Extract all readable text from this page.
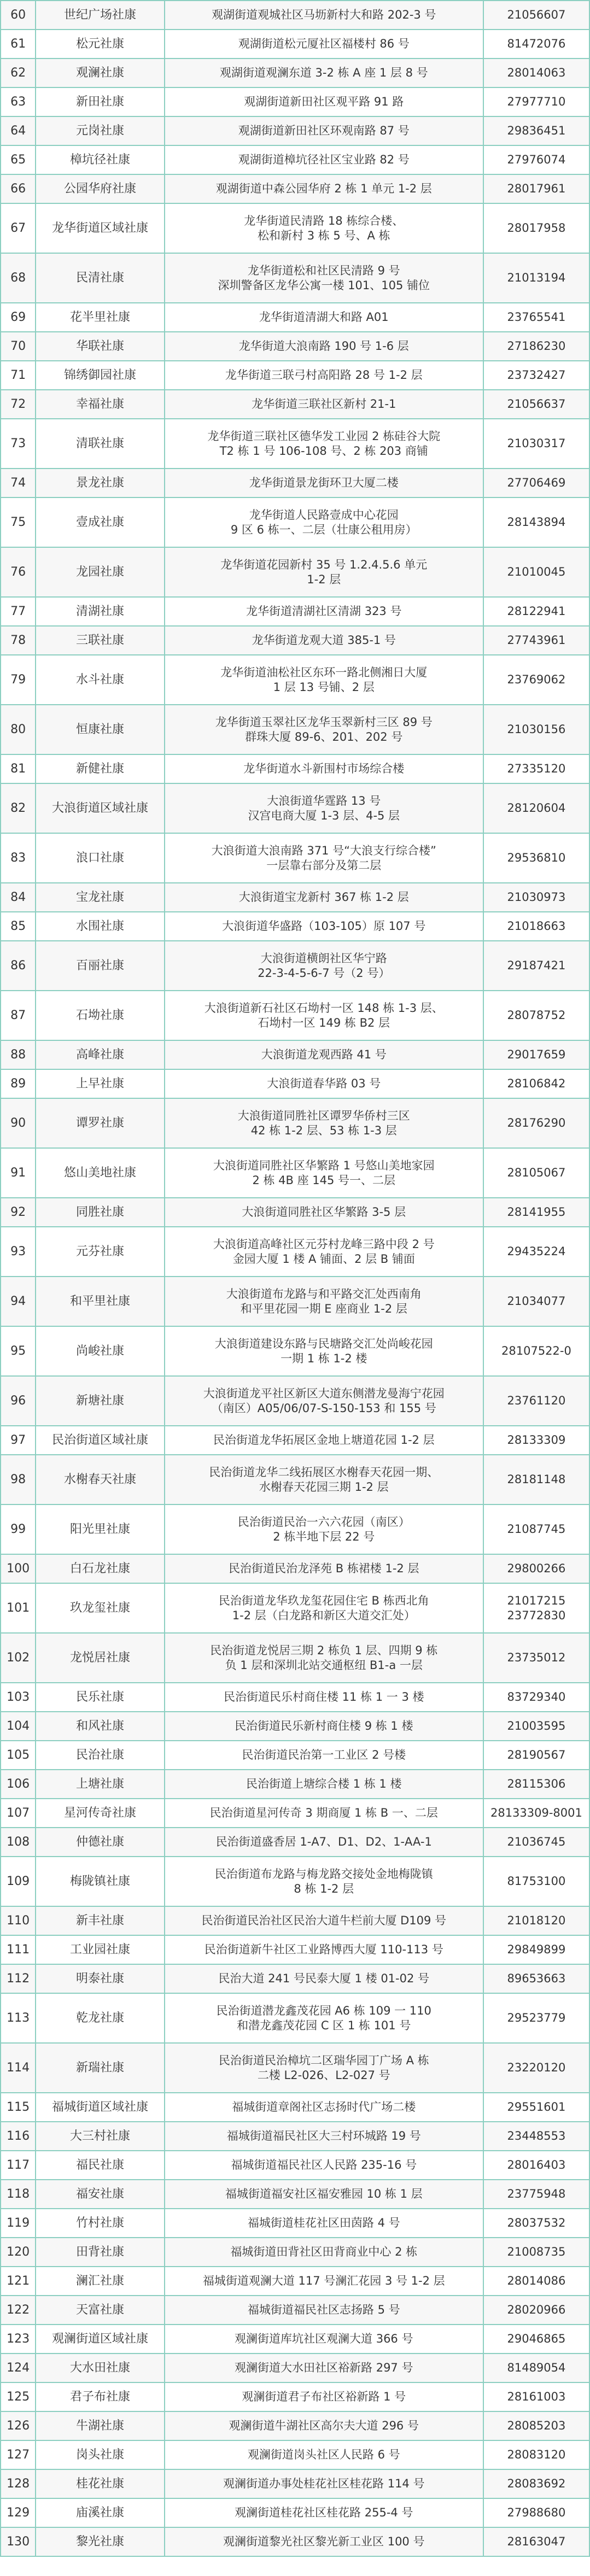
60	世纪广场社康	观湖街道观城社区马坜新村大和路 202-3 号	21056607

61	松元社康	观湖街道松元厦社区福楼村 86 号	81472076

62	观澜社康	观湖街道观澜东道 3-2 栋 A 座 1 层 8 号	28014063

63	新田社康	观湖街道新田社区观平路 91 路	27977710

64	元岗社康	观湖街道新田社区环观南路 87 号	29836451

65	樟坑径社康	观湖街道樟坑径社区宝业路 82 号	27976074

66	公园华府社康	观湖街道中森公园华府 2 栋 1 单元 1-2 层	28017961

67	龙华街道区域社康	龙华街道民清路 18 栋综合楼、
松和新村 3 栋 5 号、A 栋	28017958

68	民清社康	龙华街道松和社区民清路 9 号
深圳警备区龙华公寓一楼 101、105 铺位	21013194

69	花半里社康	龙华街道清湖大和路 A01	23765541

70	华联社康	龙华街道大浪南路 190 号 1-6 层	27186230

71	锦绣御园社康	龙华街道三联弓村高阳路 28 号 1-2 层	23732427

72	幸福社康	龙华街道三联社区新村 21-1	21056637

73	清联社康	龙华街道三联社区德华发工业园 2 栋硅谷大院
T2 栋 1 号 106-108 号、2 栋 203 商铺	21030317

74	景龙社康	龙华街道景龙街环卫大厦二楼	27706469

75	壹成社康	龙华街道人民路壹成中心花园
9 区 6 栋一、二层（壮康公租用房）	28143894

76	龙园社康	龙华街道花园新村 35 号 1.2.4.5.6 单元
1-2 层	21010045

77	清湖社康	龙华街道清湖社区清湖 323 号	28122941

78	三联社康	龙华街道龙观大道 385-1 号	27743961

79	水斗社康	龙华街道油松社区东环一路北侧湘日大厦
1 层 13 号铺、2 层	23769062

80	恒康社康	龙华街道玉翠社区龙华玉翠新村三区 89 号
群珠大厦 89-6、201、202 号	21030156

81	新健社康	龙华街道水斗新围村市场综合楼	27335120

82	大浪街道区域社康	大浪街道华霆路 13 号
汉宫电商大厦 1-3 层、4-5 层	28120604

83	浪口社康	大浪街道大浪南路 371 号“大浪支行综合楼”
一层靠右部分及第二层	29536810

84	宝龙社康	大浪街道宝龙新村 367 栋 1-2 层	21030973

85	水围社康	大浪街道华盛路（103-105）原 107 号	21018663

86	百丽社康	大浪街道横朗社区华宁路
22-3-4-5-6-7 号（2 号）	29187421

87	石坳社康	大浪街道新石社区石坳村一区 148 栋 1-3 层、
石坳村一区 149 栋 B2 层	28078752

88	高峰社康	大浪街道龙观西路 41 号	29017659

89	上早社康	大浪街道春华路 03 号	28106842

90	谭罗社康	大浪街道同胜社区谭罗华侨村三区
42 栋 1-2 层、53 栋 1-3 层	28176290

91	悠山美地社康	大浪街道同胜社区华繁路 1 号悠山美地家园
2 栋 4B 座 145 号一、二层	28105067

92	同胜社康	大浪街道同胜社区华繁路 3-5 层	28141955

93	元芬社康	大浪街道高峰社区元芬村龙峰三路中段 2 号
金园大厦 1 楼 A 铺面、2 层 B 铺面	29435224

94	和平里社康	大浪街道布龙路与和平路交汇处西南角
和平里花园一期 E 座商业 1-2 层	21034077

95	尚峻社康	大浪街道建设东路与民塘路交汇处尚峻花园
一期 1 栋 1-2 楼	28107522-0

96	新塘社康	大浪街道龙平社区新区大道东侧潜龙曼海宁花园
（南区）A05/06/07-S-150-153 和 155 号	23761120

97	民治街道区域社康	民治街道龙华拓展区金地上塘道花园 1-2 层	28133309

98	水榭春天社康	民治街道龙华二线拓展区水榭春天花园一期、
水榭春天花园三期 1-2 层	28181148

99	阳光里社康	民治街道民治一六六花园（南区）
2 栋半地下层 22 号	21087745

100	白石龙社康	民治街道民治龙泽苑 B 栋裙楼 1-2 层	29800266

101	玖龙玺社康	民治街道龙华玖龙玺花园住宅 B 栋西北角
1-2 层（白龙路和新区大道交汇处）	21017215
23772830

102	龙悦居社康	民治街道龙悦居三期 2 栋负 1 层、四期 9 栋
负 1 层和深圳北站交通枢纽 B1-a 一层	23735012

103	民乐社康	民治街道民乐村商住楼 11 栋 1 一 3 楼	83729340

104	和风社康	民治街道民乐新村商住楼 9 栋 1 楼	21003595

105	民治社康	民治街道民治第一工业区 2 号楼	28190567

106	上塘社康	民治街道上塘综合楼 1 栋 1 楼	28115306

107	星河传奇社康	民治街道星河传奇 3 期商厦 1 栋 B 一、二层	28133309-8001

108	仲德社康	民治街道盛香居 1-A7、D1、D2、1-AA-1	21036745

109	梅陇镇社康	民治街道布龙路与梅龙路交接处金地梅陇镇
8 栋 1-2 层	81753100

110	新丰社康	民治街道民治社区民治大道牛栏前大厦 D109 号	21018120

111	工业园社康	民治街道新牛社区工业路博西大厦 110-113 号	29849899

112	明泰社康	民治大道 241 号民泰大厦 1 楼 01-02 号	89653663

113	乾龙社康	民治街道潜龙鑫茂花园 A6 栋 109 一 110
和潜龙鑫茂花园 C 区 1 栋 101 号	29523779

114	新瑞社康	民治街道民治樟坑二区瑞华园丁广场 A 栋
二楼 L2-026、L2-027 号	23220120

115	福城街道区域社康	福城街道章阁社区志扬时代广场二楼	29551601

116	大三村社康	福城街道福民社区大三村环城路 19 号	23448553

117	福民社康	福城街道福民社区人民路 235-16 号	28016403

118	福安社康	福城街道福安社区福安雅园 10 栋 1 层	23775948

119	竹村社康	福城街道桂花社区田茵路 4 号	28037532

120	田背社康	福城街道田背社区田背商业中心 2 栋	21008735

121	澜汇社康	福城街道观澜大道 117 号澜汇花园 3 号 1-2 层	28014086

122	天富社康	福城街道福民社区志扬路 5 号	28020966

123	观澜街道区域社康	观澜街道库坑社区观澜大道 366 号	29046865

124	大水田社康	观澜街道大水田社区裕新路 297 号	81489054

125	君子布社康	观澜街道君子布社区裕新路 1 号	28161003

126	牛湖社康	观澜街道牛湖社区高尔夫大道 296 号	28085203

127	岗头社康	观澜街道岗头社区人民路 6 号	28083120

128	桂花社康	观澜街道办事处桂花社区桂花路 114 号	28083692

129	庙溪社康	观澜街道桂花社区桂花路 255-4 号	27988680

130	黎光社康	观澜街道黎光社区黎光新工业区 100 号	28163047
